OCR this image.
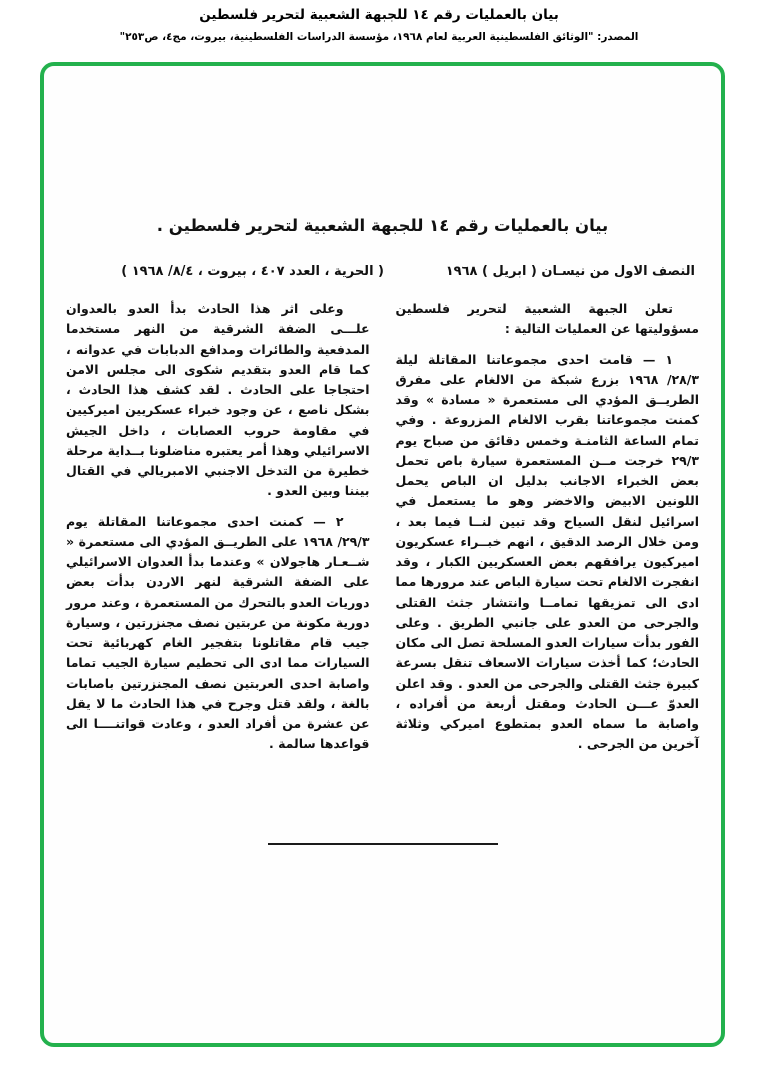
بيان بالعمليات رقم ١٤ للجبهة الشعبية لتحرير فلسطين
المصدر: "الوثائق الفلسطينية العربية لعام ١٩٦٨، مؤسسة الدراسات الفلسطينية، بيروت، مج٤، ص٢٥٣"
بيان بالعمليات رقم ١٤ للجبهة الشعبية لتحرير فلسطين .
النصف الاول من نيسـان ( ابريل ) ١٩٦٨
( الحرية ، العدد ٤٠٧ ، بيروت ، ٨/٤/ ١٩٦٨ )

تعلن الجبهة الشعبية لتحرير فلسطين مسؤوليتها عن العمليات التالية :

١ — قامت احدى مجموعاتنا المقاتلة ليلة ٢٨/٣/ ١٩٦٨ بزرع شبكة من الالغام على مفرق الطريــق المؤدي الى مستعمرة « مسادة » وقد كمنت مجموعاتنا بقرب الالغام المزروعة . وفي تمام الساعة الثامنـة وخمس دقائق من صباح يوم ٢٩/٣ خرجت مــن المستعمرة سيارة باص تحمل بعض الخبراء الاجانب بدليل ان الباص يحمل اللونين الابيض والاخضر وهو ما يستعمل في اسرائيل لنقل السياح وقد تبين لنــا فيما بعد ، ومن خلال الرصد الدقيق ، انهم خبــراء عسكريون اميركيون يرافقهم بعض العسكريين الكبار ، وقد انفجرت الالغام تحت سيارة الباص عند مرورها مما ادى الى تمزيقها تمامــا وانتشار جثث القتلى والجرحى من العدو على جانبي الطريق . وعلى الفور بدأت سيارات العدو المسلحة تصل الى مكان الحادث؛ كما أخذت سيارات الاسعاف تنقل بسرعة كبيرة جثث القتلى والجرحى من العدو . وقد اعلن العدوّ عـــن الحادث ومقتل أربعة من أفراده ، واصابة ما سماه العدو بمتطوع اميركي وثلاثة آخرين من الجرحى .

وعلى اثر هذا الحادث بدأ العدو بالعدوان علـــى الضفة الشرقية من النهر مستخدما المدفعية والطائرات ومدافع الدبابات في عدوانه ، كما قام العدو بتقديم شكوى الى مجلس الامن احتجاجا على الحادث . لقد كشف هذا الحادث ، بشكل ناصع ، عن وجود خبراء عسكريين اميركيين في مقاومة حروب العصابات ، داخل الجيش الاسرائيلي وهذا أمر يعتبره مناضلونا بــداية مرحلة خطيرة من التدخل الاجنبي الامبريالي في القتال بيننا وبين العدو .

٢ — كمنت احدى مجموعاتنا المقاتلة يوم ٢٩/٣/ ١٩٦٨ على الطريــق المؤدي الى مستعمرة « شــعـار هاجولان » وعندما بدأ العدوان الاسرائيلي على الضفة الشرقية لنهر الاردن بدأت بعض دوريات العدو بالتحرك من المستعمرة ، وعند مرور دورية مكونة من عربتين نصف مجنزرتين ، وسيارة جيب قام مقاتلونا بتفجير الغام كهربائية تحت السيارات مما ادى الى تحطيم سيارة الجيب تماما واصابة احدى العربتين نصف المجنزرتين باصابات بالغة ، ولقد قتل وجرح في هذا الحادث ما لا يقل عن عشرة من أفراد العدو ، وعادت قواتنــــا الى قواعدها سالمة .
